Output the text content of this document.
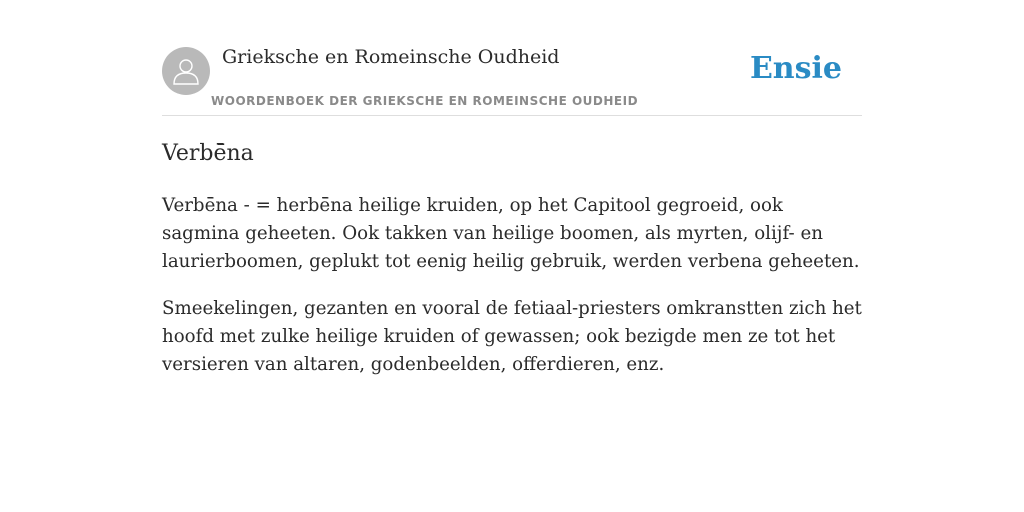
Grieksche en Romeinsche Oudheid
WOORDENBOEK DER GRIEKSCHE EN ROMEINSCHE OUDHEID
Ensie
Verbē̄na

Verbē̄na - = herbē̄na heilige kruiden, op het Capitool gegroeid, ook sagmina geheeten. Ook takken van heilige boomen, als myrten, olijf- en laurierboomen, geplukt tot eenig heilig gebruik, werden verbena geheeten.

Smeekelingen, gezanten en vooral de fetiaal-priesters omkranstten zich het hoofd met zulke heilige kruiden of gewassen; ook bezigde men ze tot het versieren van altaren, godenbeelden, offerdieren, enz.
